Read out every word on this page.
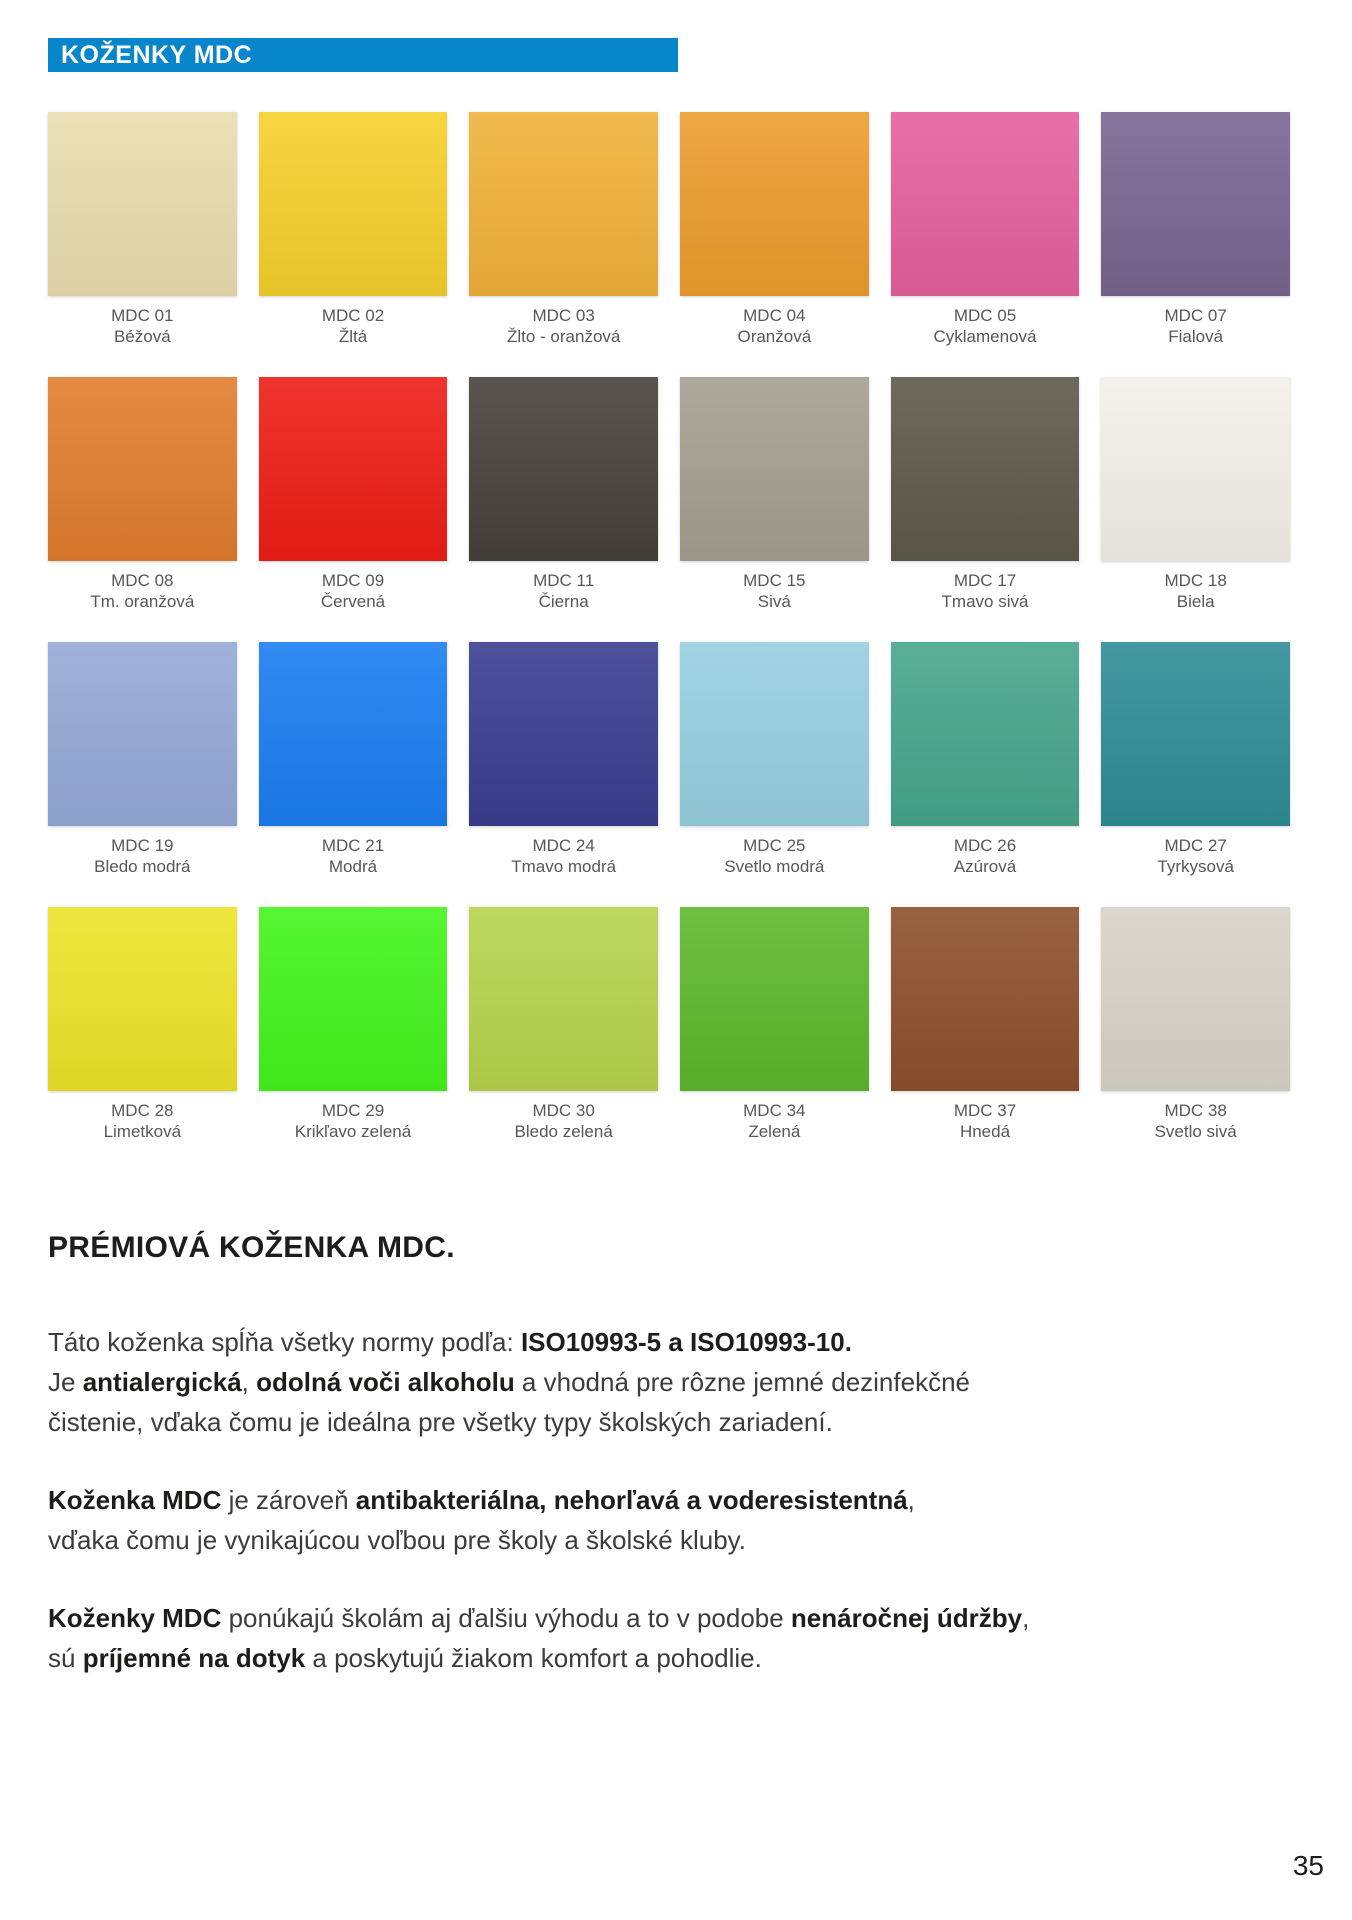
KOŽENKY MDC
MDC 01
Béžová
MDC 02
Žltá
MDC 03
Žlto - oranžová
MDC 04
Oranžová
MDC 05
Cyklamenová
MDC 07
Fialová
MDC 08
Tm. oranžová
MDC 09
Červená
MDC 11
Čierna
MDC 15
Sivá
MDC 17
Tmavo sivá
MDC 18
Biela
MDC 19
Bledo modrá
MDC 21
Modrá
MDC 24
Tmavo modrá
MDC 25
Svetlo modrá
MDC 26
Azúrová
MDC 27
Tyrkysová
MDC 28
Limetková
MDC 29
Krikľavo zelená
MDC 30
Bledo zelená
MDC 34
Zelená
MDC 37
Hnedá
MDC 38
Svetlo sivá
PRÉMIOVÁ KOŽENKA MDC.

Táto koženka spĺňa všetky normy podľa: ISO10993-5 a ISO10993-10.
Je antialergická, odolná voči alkoholu a vhodná pre rôzne jemné dezinfekčné
čistenie, vďaka čomu je ideálna pre všetky typy školských zariadení.

Koženka MDC je zároveň antibakteriálna, nehorľavá a voderesistentná,
vďaka čomu je vynikajúcou voľbou pre školy a školské kluby.

Koženky MDC ponúkajú školám aj ďalšiu výhodu a to v podobe nenáročnej údržby,
sú príjemné na dotyk a poskytujú žiakom komfort a pohodlie.

35
